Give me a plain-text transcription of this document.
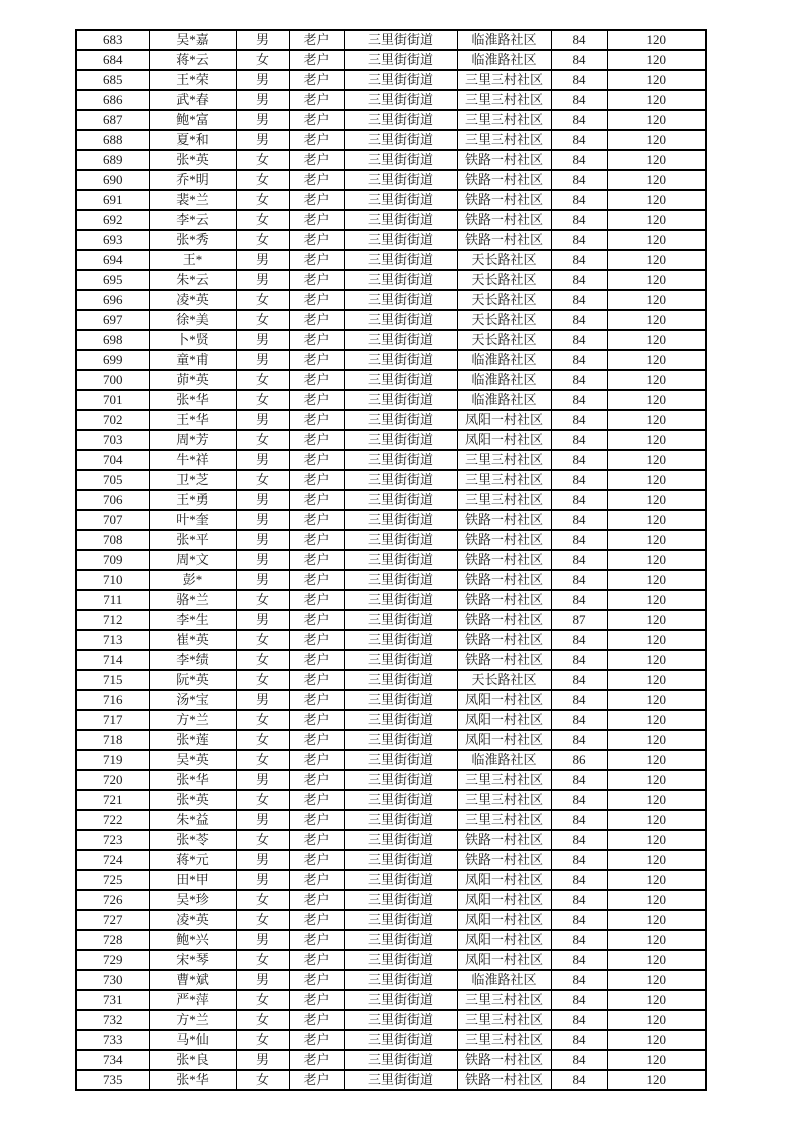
683	吴*嘉	男	老户	三里街街道	临淮路社区	84	120
684	蒋*云	女	老户	三里街街道	临淮路社区	84	120
685	王*荣	男	老户	三里街街道	三里三村社区	84	120
686	武*春	男	老户	三里街街道	三里三村社区	84	120
687	鲍*富	男	老户	三里街街道	三里三村社区	84	120
688	夏*和	男	老户	三里街街道	三里三村社区	84	120
689	张*英	女	老户	三里街街道	铁路一村社区	84	120
690	乔*明	女	老户	三里街街道	铁路一村社区	84	120
691	裴*兰	女	老户	三里街街道	铁路一村社区	84	120
692	李*云	女	老户	三里街街道	铁路一村社区	84	120
693	张*秀	女	老户	三里街街道	铁路一村社区	84	120
694	王*	男	老户	三里街街道	天长路社区	84	120
695	朱*云	男	老户	三里街街道	天长路社区	84	120
696	凌*英	女	老户	三里街街道	天长路社区	84	120
697	徐*美	女	老户	三里街街道	天长路社区	84	120
698	卜*贤	男	老户	三里街街道	天长路社区	84	120
699	童*甫	男	老户	三里街街道	临淮路社区	84	120
700	茆*英	女	老户	三里街街道	临淮路社区	84	120
701	张*华	女	老户	三里街街道	临淮路社区	84	120
702	王*华	男	老户	三里街街道	凤阳一村社区	84	120
703	周*芳	女	老户	三里街街道	凤阳一村社区	84	120
704	牛*祥	男	老户	三里街街道	三里三村社区	84	120
705	卫*芝	女	老户	三里街街道	三里三村社区	84	120
706	王*勇	男	老户	三里街街道	三里三村社区	84	120
707	叶*奎	男	老户	三里街街道	铁路一村社区	84	120
708	张*平	男	老户	三里街街道	铁路一村社区	84	120
709	周*文	男	老户	三里街街道	铁路一村社区	84	120
710	彭*	男	老户	三里街街道	铁路一村社区	84	120
711	骆*兰	女	老户	三里街街道	铁路一村社区	84	120
712	李*生	男	老户	三里街街道	铁路一村社区	87	120
713	崔*英	女	老户	三里街街道	铁路一村社区	84	120
714	李*绩	女	老户	三里街街道	铁路一村社区	84	120
715	阮*英	女	老户	三里街街道	天长路社区	84	120
716	汤*宝	男	老户	三里街街道	凤阳一村社区	84	120
717	方*兰	女	老户	三里街街道	凤阳一村社区	84	120
718	张*莲	女	老户	三里街街道	凤阳一村社区	84	120
719	吴*英	女	老户	三里街街道	临淮路社区	86	120
720	张*华	男	老户	三里街街道	三里三村社区	84	120
721	张*英	女	老户	三里街街道	三里三村社区	84	120
722	朱*益	男	老户	三里街街道	三里三村社区	84	120
723	张*苓	女	老户	三里街街道	铁路一村社区	84	120
724	蒋*元	男	老户	三里街街道	铁路一村社区	84	120
725	田*甲	男	老户	三里街街道	凤阳一村社区	84	120
726	吴*珍	女	老户	三里街街道	凤阳一村社区	84	120
727	凌*英	女	老户	三里街街道	凤阳一村社区	84	120
728	鲍*兴	男	老户	三里街街道	凤阳一村社区	84	120
729	宋*琴	女	老户	三里街街道	凤阳一村社区	84	120
730	曹*斌	男	老户	三里街街道	临淮路社区	84	120
731	严*萍	女	老户	三里街街道	三里三村社区	84	120
732	方*兰	女	老户	三里街街道	三里三村社区	84	120
733	马*仙	女	老户	三里街街道	三里三村社区	84	120
734	张*良	男	老户	三里街街道	铁路一村社区	84	120
735	张*华	女	老户	三里街街道	铁路一村社区	84	120
